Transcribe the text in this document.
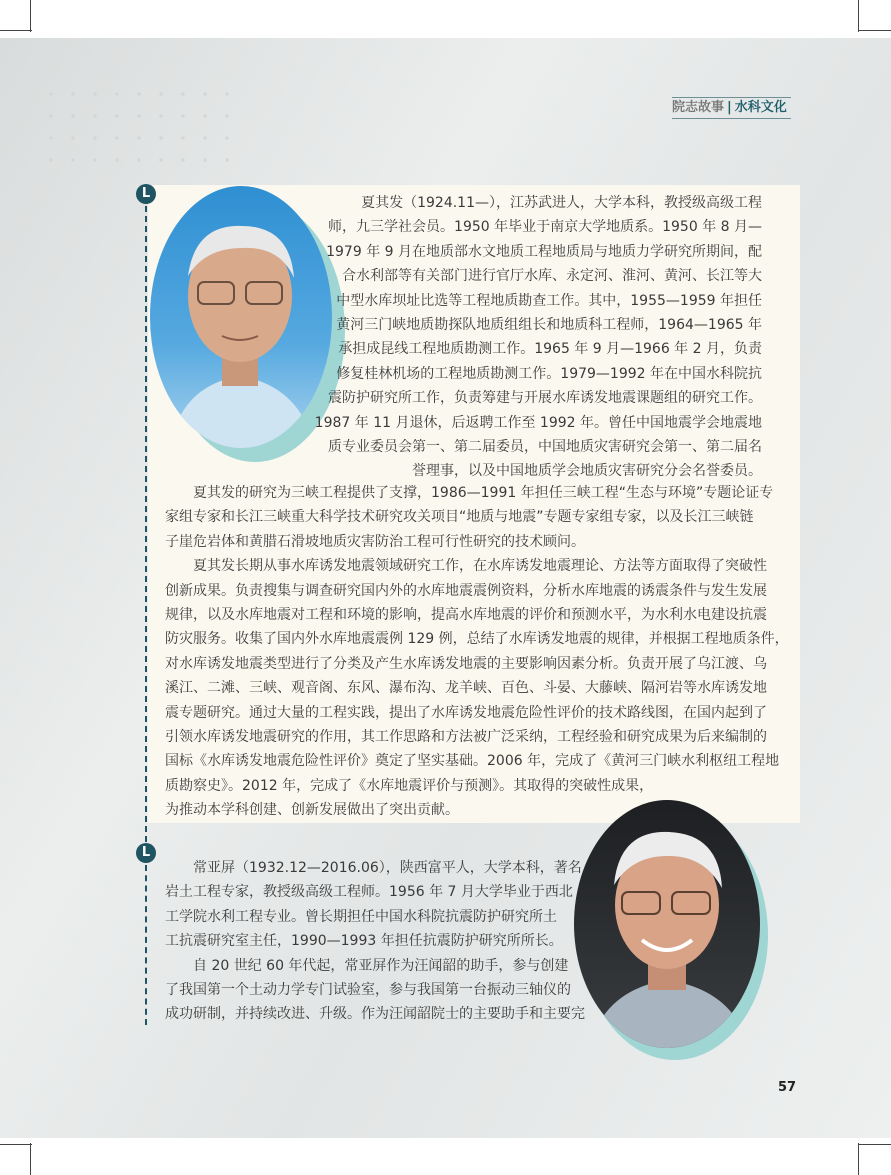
院志故事 | 水科文化
L
L
夏其发（1924.11—），江苏武进人，大学本科，教授级高级工程
师，九三学社会员。1950 年毕业于南京大学地质系。1950 年 8 月—
1979 年 9 月在地质部水文地质工程地质局与地质力学研究所期间，配
合水利部等有关部门进行官厅水库、永定河、淮河、黄河、长江等大
中型水库坝址比选等工程地质勘查工作。其中，1955—1959 年担任
黄河三门峡地质勘探队地质组组长和地质科工程师，1964—1965 年
承担成昆线工程地质勘测工作。1965 年 9 月—1966 年 2 月，负责
修复桂林机场的工程地质勘测工作。1979—1992 年在中国水科院抗
震防护研究所工作，负责筹建与开展水库诱发地震课题组的研究工作。
1987 年 11 月退休，后返聘工作至 1992 年。曾任中国地震学会地震地
质专业委员会第一、第二届委员，中国地质灾害研究会第一、第二届名
誉理事，以及中国地质学会地质灾害研究分会名誉委员。
　　夏其发的研究为三峡工程提供了支撑，1986—1991 年担任三峡工程“生态与环境”专题论证专
家组专家和长江三峡重大科学技术研究攻关项目“地质与地震”专题专家组专家，以及长江三峡链
子崖危岩体和黄腊石滑坡地质灾害防治工程可行性研究的技术顾问。
　　夏其发长期从事水库诱发地震领域研究工作，在水库诱发地震理论、方法等方面取得了突破性
创新成果。负责搜集与调查研究国内外的水库地震震例资料，分析水库地震的诱震条件与发生发展
规律，以及水库地震对工程和环境的影响，提高水库地震的评价和预测水平，为水利水电建设抗震
防灾服务。收集了国内外水库地震震例 129 例，总结了水库诱发地震的规律，并根据工程地质条件，
对水库诱发地震类型进行了分类及产生水库诱发地震的主要影响因素分析。负责开展了乌江渡、乌
溪江、二滩、三峡、观音阁、东风、瀑布沟、龙羊峡、百色、斗晏、大藤峡、隔河岩等水库诱发地
震专题研究。通过大量的工程实践，提出了水库诱发地震危险性评价的技术路线图，在国内起到了
引领水库诱发地震研究的作用，其工作思路和方法被广泛采纳，工程经验和研究成果为后来编制的
国标《水库诱发地震危险性评价》奠定了坚实基础。2006 年，完成了《黄河三门峡水利枢纽工程地
质勘察史》。2012 年，完成了《水库地震评价与预测》。其取得的突破性成果，
为推动本学科创建、创新发展做出了突出贡献。
　　常亚屏（1932.12—2016.06），陕西富平人，大学本科，著名
岩土工程专家，教授级高级工程师。1956 年 7 月大学毕业于西北
工学院水利工程专业。曾长期担任中国水科院抗震防护研究所土
工抗震研究室主任，1990—1993 年担任抗震防护研究所所长。
　　自 20 世纪 60 年代起，常亚屏作为汪闻韶的助手，参与创建
了我国第一个土动力学专门试验室，参与我国第一台振动三轴仪的
成功研制，并持续改进、升级。作为汪闻韶院士的主要助手和主要完
57
